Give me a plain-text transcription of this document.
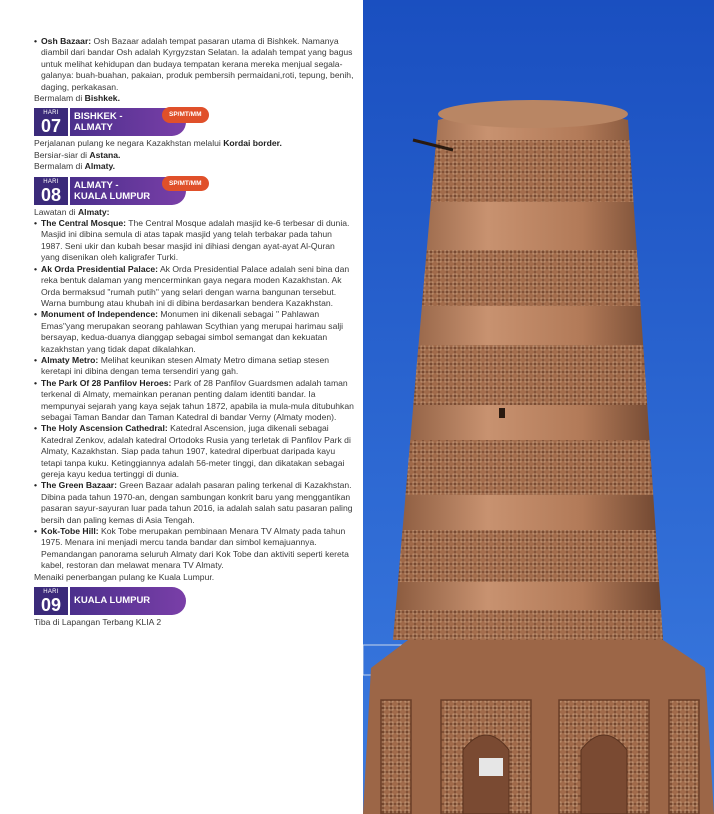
• Osh Bazaar: Osh Bazaar adalah tempat pasaran utama di Bishkek. Namanya diambil dari bandar Osh adalah Kyrgyzstan Selatan. Ia adalah tempat yang bagus untuk melihat kehidupan dan budaya tempatan kerana mereka menjual segala-galanya: buah-buahan, pakaian, produk pembersih permaidani,roti, tepung, benih, daging, perkakasan.

Bermalam di Bishkek.

HARI
07	BISHKEK -
ALMATY
SP/MT/MM

Perjalanan pulang ke negara Kazakhstan melalui Kordai border.

Bersiar-siar di Astana.

Bermalam di Almaty.

HARI
08	ALMATY -
KUALA LUMPUR
SP/MT/MM

Lawatan di Almaty:

• The Central Mosque: The Central Mosque adalah masjid ke-6 terbesar di dunia. Masjid ini dibina semula di atas tapak masjid yang telah terbakar pada tahun 1987. Seni ukir dan kubah besar masjid ini dihiasi dengan ayat-ayat Al-Quran yang disenikan oleh kaligrafer Turki.
• Ak Orda Presidential Palace: Ak Orda Presidential Palace adalah seni bina dan reka bentuk dalaman yang mencerminkan gaya negara moden Kazakhstan. Ak Orda bermaksud "rumah putih" yang selari dengan warna bangunan tersebut. Warna bumbung atau khubah ini di dibina berdasarkan bendera Kazakhstan.
• Monument of Independence: Monumen ini dikenali sebagai " Pahlawan Emas"yang merupakan seorang pahlawan Scythian yang merupai harimau salji bersayap, kedua-duanya dianggap sebagai simbol semangat dan kekuatan kazakhstan yang tidak dapat dikalahkan.
• Almaty Metro: Melihat keunikan stesen Almaty Metro dimana setiap stesen keretapi ini dibina dengan tema tersendiri yang gah.
• The Park Of 28 Panfilov Heroes: Park of 28 Panfilov Guardsmen adalah taman terkenal di Almaty, memainkan peranan penting dalam identiti bandar. Ia mempunyai sejarah yang kaya sejak tahun 1872, apabila ia mula-mula ditubuhkan sebagai Taman Bandar dan Taman Katedral di bandar Verny (Almaty moden).
• The Holy Ascension Cathedral: Katedral Ascension, juga dikenali sebagai Katedral Zenkov, adalah katedral Ortodoks Rusia yang terletak di Panfilov Park di Almaty, Kazakhstan. Siap pada tahun 1907, katedral diperbuat daripada kayu tetapi tanpa kuku. Ketinggiannya adalah 56-meter tinggi, dan dikatakan sebagai gereja kayu kedua tertinggi di dunia.
• The Green Bazaar: Green Bazaar adalah pasaran paling terkenal di Kazakhstan. Dibina pada tahun 1970-an, dengan sambungan konkrit baru yang menggantikan pasaran sayur-sayuran luar pada tahun 2016, ia adalah salah satu pasaran paling bersih dan paling kemas di Asia Tengah.
• Kok-Tobe Hill: Kok Tobe merupakan pembinaan Menara TV Almaty pada tahun 1975. Menara ini menjadi mercu tanda bandar dan simbol kemajuannya. Pemandangan panorama seluruh Almaty dari Kok Tobe dan aktiviti seperti kereta kabel, restoran dan melawat menara TV Almaty.

Menaiki penerbangan pulang ke Kuala Lumpur.

HARI
09	KUALA LUMPUR

Tiba di Lapangan Terbang KLIA 2
